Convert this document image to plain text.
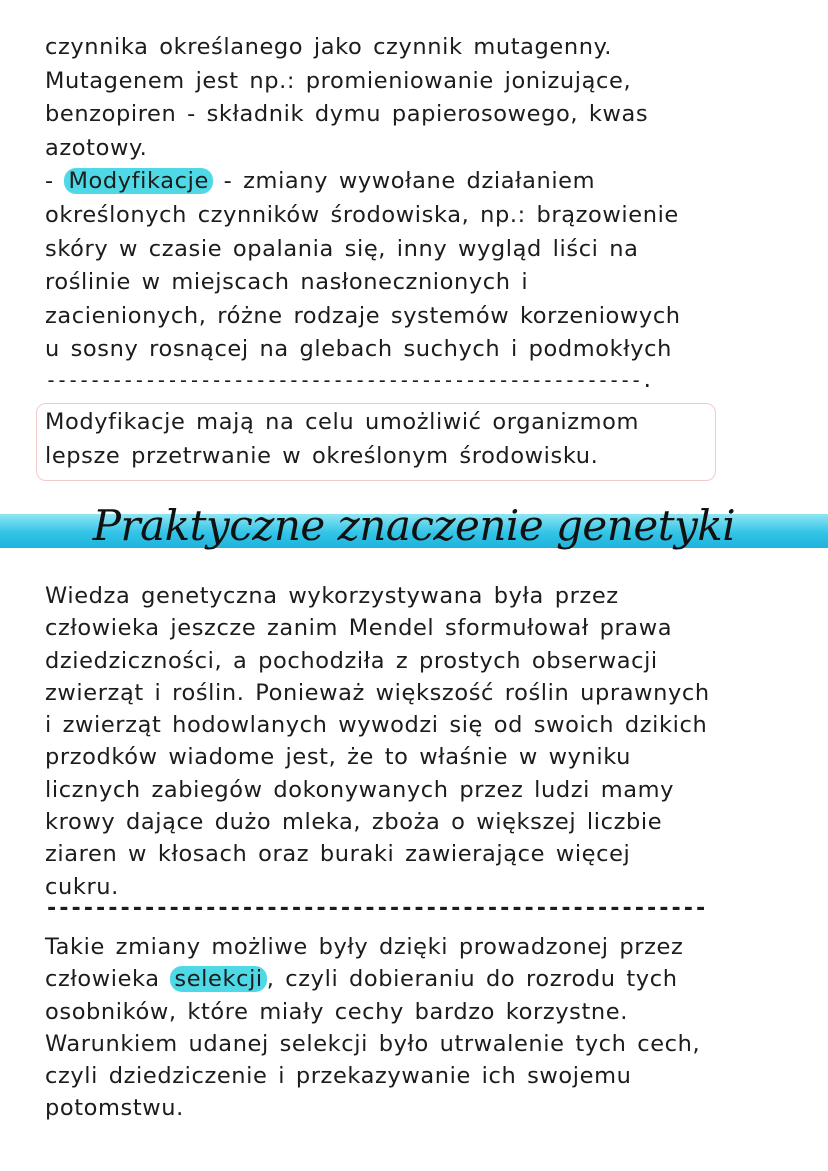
czynnika określanego jako czynnik mutagenny.
Mutagenem jest np.: promieniowanie jonizujące,
benzopiren - składnik dymu papierosowego, kwas
azotowy.
- Modyfikacje - zmiany wywołane działaniem
określonych czynników środowiska, np.: brązowienie
skóry w czasie opalania się, inny wygląd liści na
roślinie w miejscach nasłonecznionych i
zacienionych, różne rodzaje systemów korzeniowych
u sosny rosnącej na glebach suchych i podmokłych
------------------------------------------------------.
Modyfikacje mają na celu umożliwić organizmom
lepsze przetrwanie w określonym środowisku.
Praktyczne znaczenie genetyki
Wiedza genetyczna wykorzystywana była przez
człowieka jeszcze zanim Mendel sformułował prawa
dziedziczności, a pochodziła z prostych obserwacji
zwierząt i roślin. Ponieważ większość roślin uprawnych
i zwierząt hodowlanych wywodzi się od swoich dzikich
przodków wiadome jest, że to właśnie w wyniku
licznych zabiegów dokonywanych przez ludzi mamy
krowy dające dużo mleka, zboża o większej liczbie
ziaren w kłosach oraz buraki zawierające więcej
cukru.
------------------------------------------------------
Takie zmiany możliwe były dzięki prowadzonej przez
człowieka selekcji , czyli dobieraniu do rozrodu tych
osobników, które miały cechy bardzo korzystne.
Warunkiem udanej selekcji było utrwalenie tych cech,
czyli dziedziczenie i przekazywanie ich swojemu
potomstwu.
